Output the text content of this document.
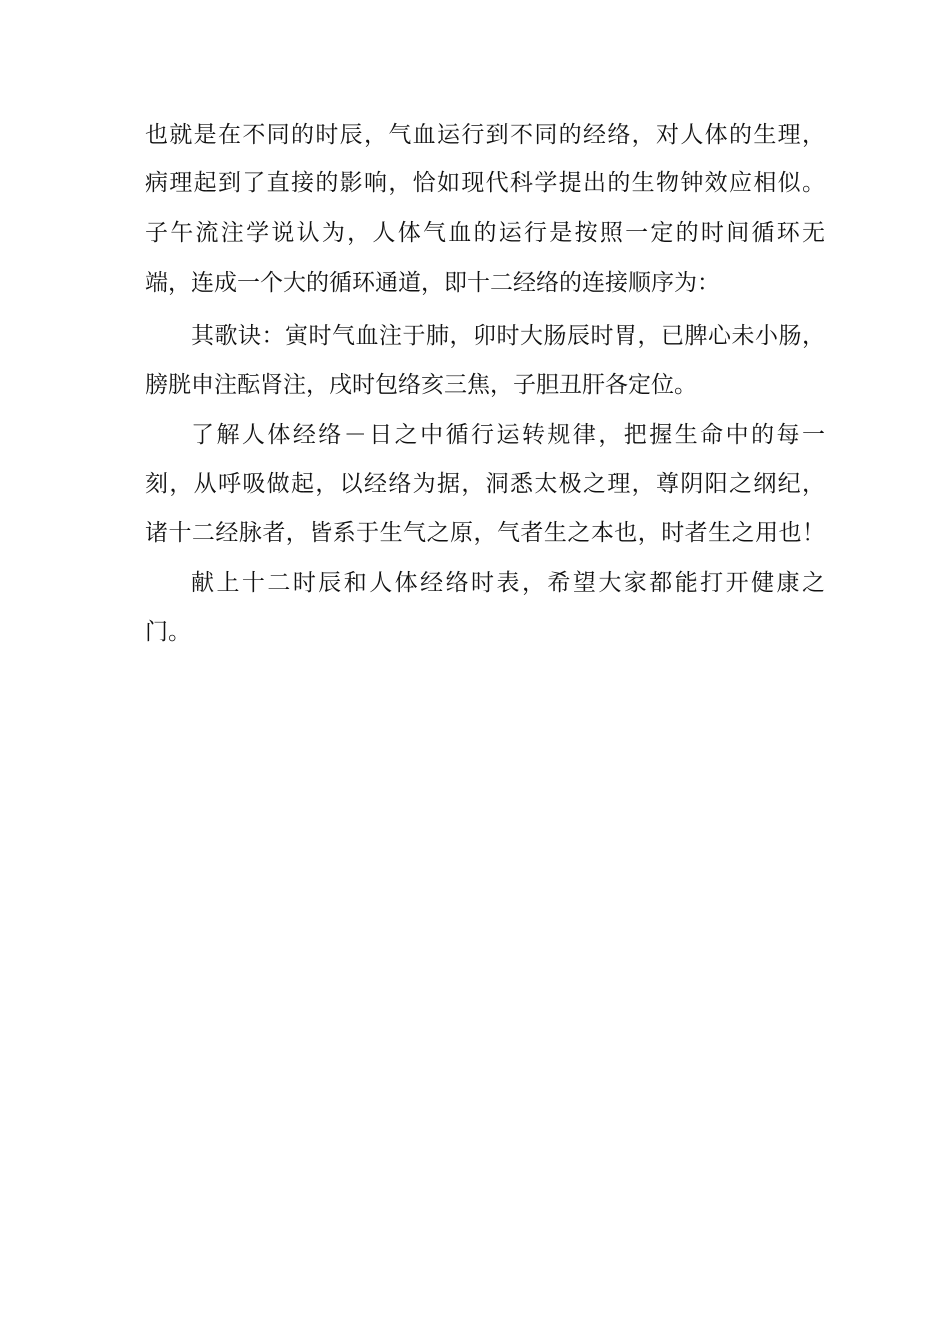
也就是在不同的时辰，气血运行到不同的经络，对人体的生理，
病理起到了直接的影响，恰如现代科学提出的生物钟效应相似。
子午流注学说认为，人体气血的运行是按照一定的时间循环无
端，连成一个大的循环通道，即十二经络的连接顺序为：
其歌诀：寅时气血注于肺，卯时大肠辰时胃，已脾心未小肠，
膀胱申注酝肾注，戌时包络亥三焦，子胆丑肝各定位。
了解人体经络－日之中循行运转规律，把握生命中的每一
刻，从呼吸做起，以经络为据，洞悉太极之理，尊阴阳之纲纪，
诸十二经脉者，皆系于生气之原，气者生之本也，时者生之用也！
献上十二时辰和人体经络时表，希望大家都能打开健康之
门。
